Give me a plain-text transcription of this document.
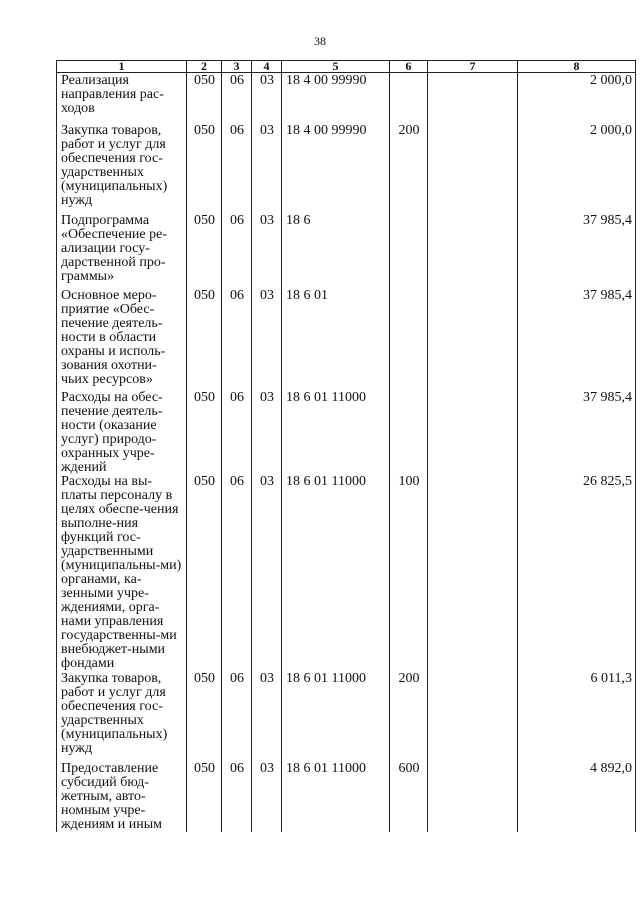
38
1	2	3	4	5	6	7	8
Реализация направления рас-ходов	050	06	03	18 4 00 99990			2 000,0
Закупка товаров, работ и услуг для обеспечения гос-ударственных (муниципальных) нужд	050	06	03	18 4 00 99990	200		2 000,0
Подпрограмма «Обеспечение ре-ализации госу-дарственной про-граммы»	050	06	03	18 6			37 985,4
Основное меро-приятие «Обес-печение деятель-ности в области охраны и исполь-зования охотни-чьих ресурсов»	050	06	03	18 6 01			37 985,4
Расходы на обес-печение деятель-ности (оказание услуг) природо-охранных учре-ждений	050	06	03	18 6 01 11000			37 985,4
Расходы на вы-платы персоналу в целях обеспе-чения выполне-ния функций гос-ударственными (муниципальны-ми) органами, ка-зенными учре-ждениями, орга-нами управления государственны-ми внебюджет-ными фондами	050	06	03	18 6 01 11000	100		26 825,5
Закупка товаров, работ и услуг для обеспечения гос-ударственных (муниципальных) нужд	050	06	03	18 6 01 11000	200		6 011,3
Предоставление субсидий бюд-жетным, авто-номным учре-ждениям и иным	050	06	03	18 6 01 11000	600		4 892,0
